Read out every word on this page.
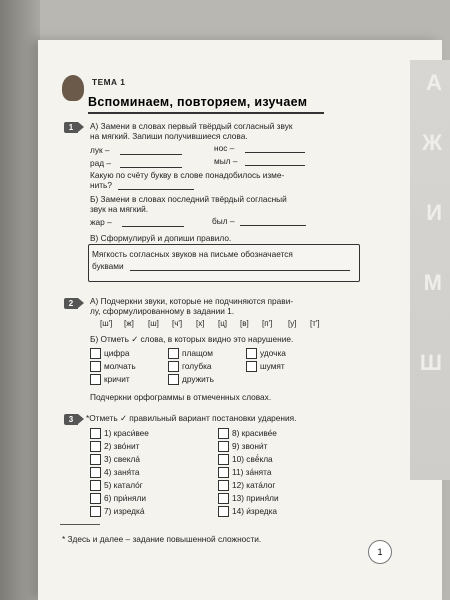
А
Ж
И
М
Ш
ТЕМА 1
Вспоминаем, повторяем, изучаем
1	А) Замени в словах первый твёрдый согласный звук
на мягкий. Запиши получившиеся слова.
лук –	нос –
рад –	мыл –
Какую по счёту букву в слове понадобилось изме-
нить?
Б) Замени в словах последний твёрдый согласный
звук на мягкий.
жар –	был –
В) Сформулируй и допиши правило.
Мягкость согласных звуков на письме обозначается
буквами
2	А) Подчеркни звуки, которые не подчиняются прави-
лу, сформулированному в задании 1.
[ш'] [ж] [ш] [ч'] [х] [ц] [в] [п'] [у] [т']
Б) Отметь ✓ слова, в которых видно это нарушение.
цифра	плащом	удочка
молчать	голубка	шумят
кричит	дружить
Подчеркни орфограммы в отмеченных словах.
3	*Отметь ✓ правильный вариант постановки ударения.
1) краси́вее
2) зво́нит
3) свекла́
4) заня́та
5) катало́г
6) при́няли
7) изредка́
8) красиве́е
9) звони́т
10) свё́кла
11) за́нята
12) ката́лог
13) приня́ли
14) и́зредка
* Здесь и далее – задание повышенной сложности.
1
